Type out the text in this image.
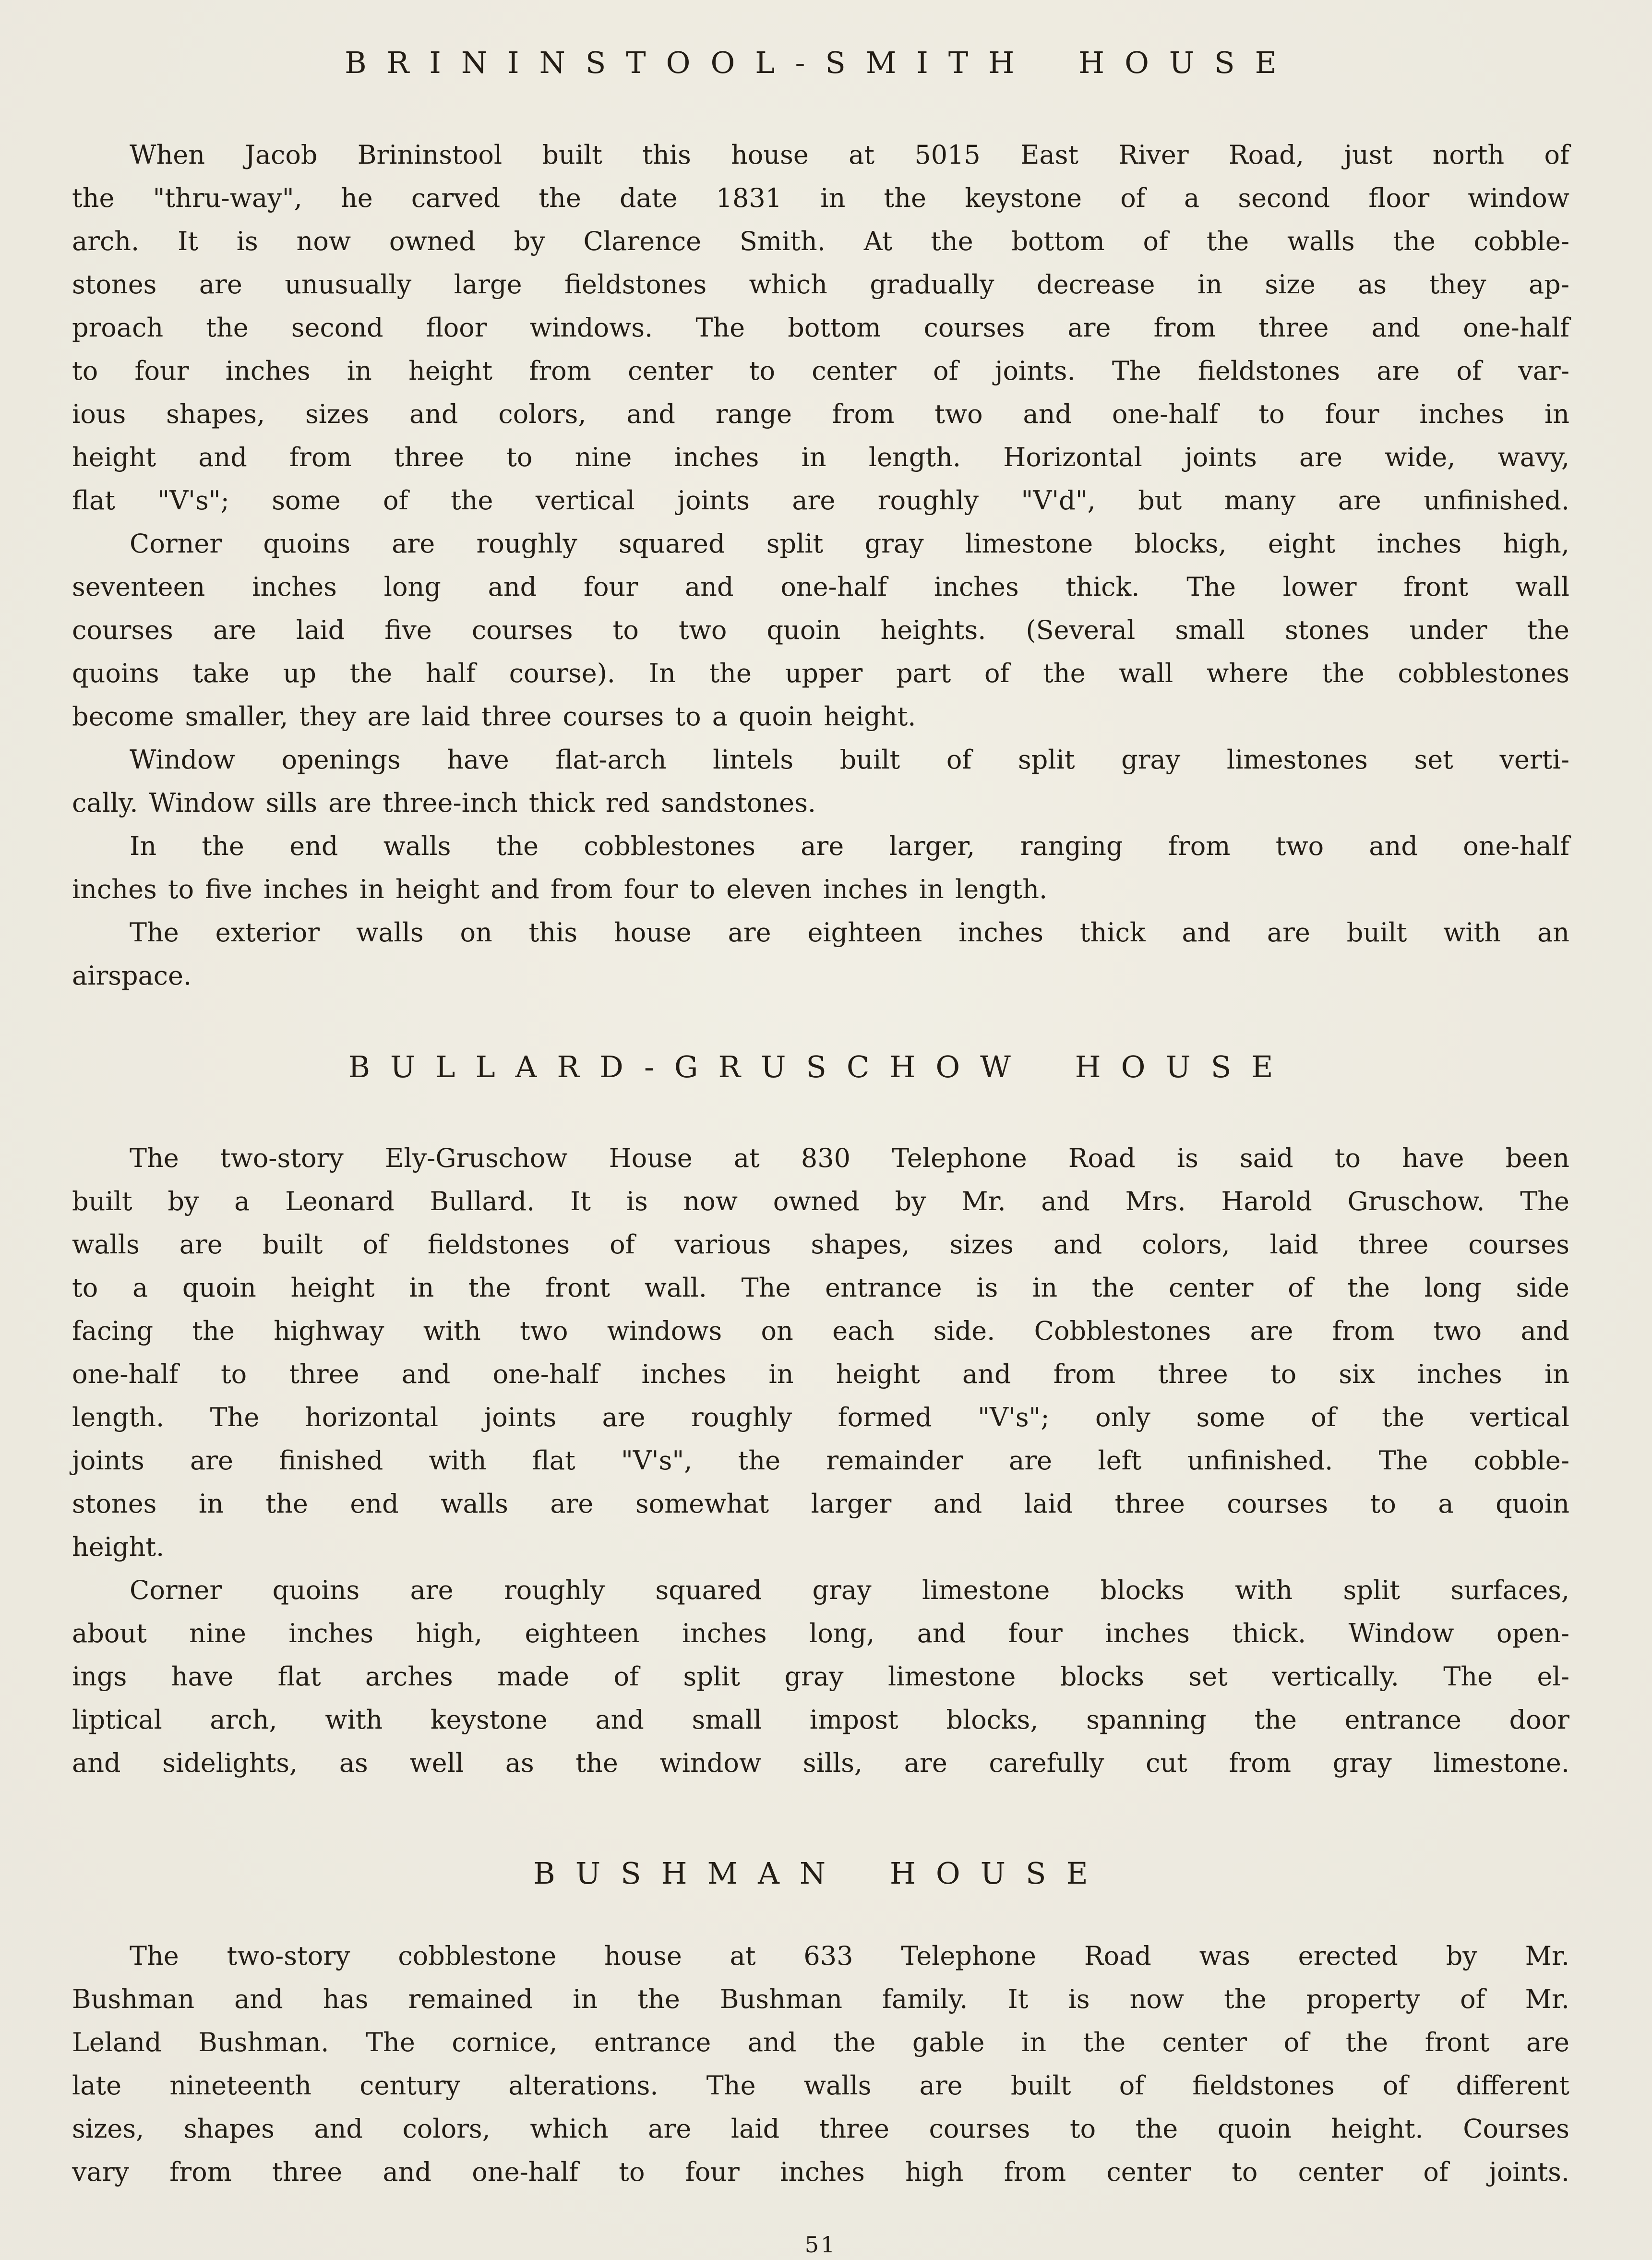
BRININSTOOL-SMITH HOUSE
When Jacob Brininstool built this house at 5015 East River Road, just north of
the "thru-way", he carved the date 1831 in the keystone of a second floor window
arch. It is now owned by Clarence Smith. At the bottom of the walls the cobble-
stones are unusually large fieldstones which gradually decrease in size as they ap-
proach the second floor windows. The bottom courses are from three and one-half
to four inches in height from center to center of joints. The fieldstones are of var-
ious shapes, sizes and colors, and range from two and one-half to four inches in
height and from three to nine inches in length. Horizontal joints are wide, wavy,
flat "V's"; some of the vertical joints are roughly "V'd", but many are unfinished.
Corner quoins are roughly squared split gray limestone blocks, eight inches high,
seventeen inches long and four and one-half inches thick. The lower front wall
courses are laid five courses to two quoin heights. (Several small stones under the
quoins take up the half course). In the upper part of the wall where the cobblestones
become smaller, they are laid three courses to a quoin height.
Window openings have flat-arch lintels built of split gray limestones set verti-
cally. Window sills are three-inch thick red sandstones.
In the end walls the cobblestones are larger, ranging from two and one-half
inches to five inches in height and from four to eleven inches in length.
The exterior walls on this house are eighteen inches thick and are built with an
airspace.
BULLARD-GRUSCHOW HOUSE
The two-story Ely-Gruschow House at 830 Telephone Road is said to have been
built by a Leonard Bullard. It is now owned by Mr. and Mrs. Harold Gruschow. The
walls are built of fieldstones of various shapes, sizes and colors, laid three courses
to a quoin height in the front wall. The entrance is in the center of the long side
facing the highway with two windows on each side. Cobblestones are from two and
one-half to three and one-half inches in height and from three to six inches in
length. The horizontal joints are roughly formed "V's"; only some of the vertical
joints are finished with flat "V's", the remainder are left unfinished. The cobble-
stones in the end walls are somewhat larger and laid three courses to a quoin
height.
Corner quoins are roughly squared gray limestone blocks with split surfaces,
about nine inches high, eighteen inches long, and four inches thick. Window open-
ings have flat arches made of split gray limestone blocks set vertically. The el-
liptical arch, with keystone and small impost blocks, spanning the entrance door
and sidelights, as well as the window sills, are carefully cut from gray limestone.
BUSHMAN HOUSE
The two-story cobblestone house at 633 Telephone Road was erected by Mr.
Bushman and has remained in the Bushman family. It is now the property of Mr.
Leland Bushman. The cornice, entrance and the gable in the center of the front are
late nineteenth century alterations. The walls are built of fieldstones of different
sizes, shapes and colors, which are laid three courses to the quoin height. Courses
vary from three and one-half to four inches high from center to center of joints.
51
